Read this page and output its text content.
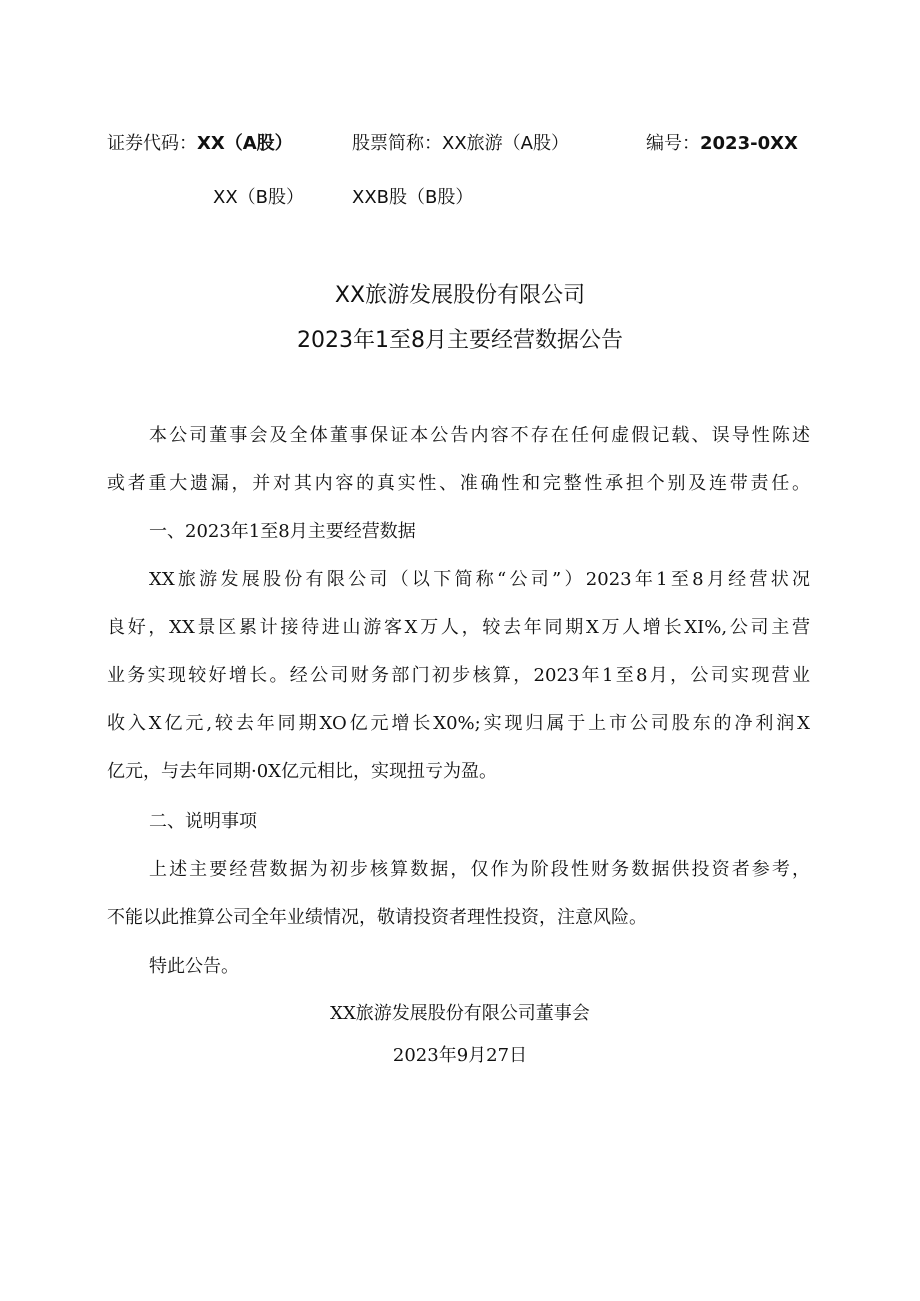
证券代码：XX（A股）	股票简称：XX旅游（A股）	编号：2023-0XX
XX（B股）	XXB股（B股）
XX旅游发展股份有限公司
2023年1至8月主要经营数据公告
本公司董事会及全体董事保证本公告内容不存在任何虚假记载、误导性陈述
或者重大遗漏，并对其内容的真实性、准确性和完整性承担个别及连带责任。
一、2023年1至8月主要经营数据
XX旅游发展股份有限公司（以下简称“公司”）2023年1至8月经营状况
良好，XX景区累计接待进山游客X万人，较去年同期X万人增长XI%,公司主营
业务实现较好增长。经公司财务部门初步核算，2023年1至8月，公司实现营业
收入X亿元,较去年同期XO亿元增长X0%;实现归属于上市公司股东的净利润X
亿元，与去年同期·0X亿元相比，实现扭亏为盈。
二、说明事项
上述主要经营数据为初步核算数据，仅作为阶段性财务数据供投资者参考，
不能以此推算公司全年业绩情况，敬请投资者理性投资，注意风险。
特此公告。
XX旅游发展股份有限公司董事会
2023年9月27日
